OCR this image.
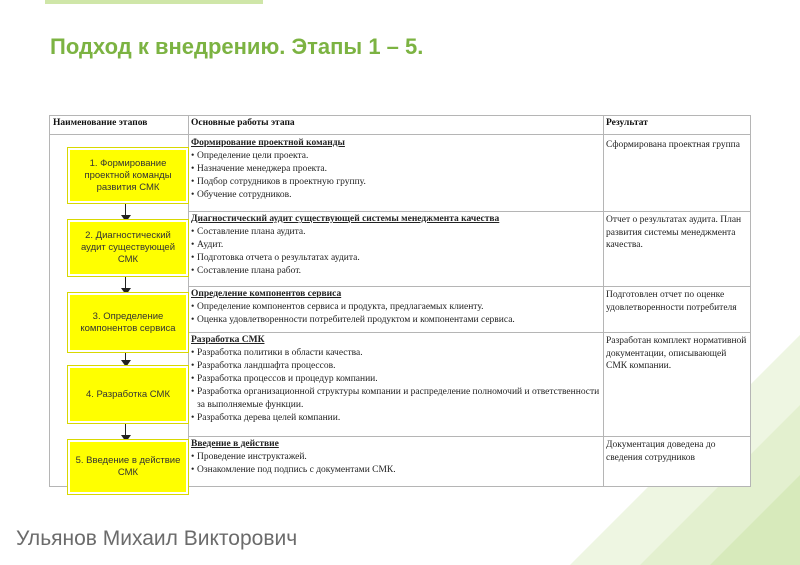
Подход к внедрению. Этапы 1 – 5.
Наименование этапов	Основные работы этапа	Результат
1. Формирование проектной команды развития СМК
2. Диагностический аудит существующей СМК
3. Определение компонентов сервиса
4. Разработка СМК
5. Введение в действие СМК
Формирование проектной команды
• Определение цели проекта.
• Назначение менеджера проекта.
• Подбор сотрудников в проектную группу.
• Обучение сотрудников.
Сформирована проектная группа
Диагностический аудит существующей системы менеджмента качества
• Составление плана аудита.
• Аудит.
• Подготовка отчета о результатах аудита.
• Составление плана работ.
Отчет о результатах аудита. План развития системы менеджмента качества.
Определение компонентов сервиса
• Определение компонентов сервиса и продукта, предлагаемых клиенту.
• Оценка удовлетворенности потребителей продуктом и компонентами сервиса.
Подготовлен отчет по оценке удовлетворенности потребителя
Разработка СМК
• Разработка политики в области качества.
• Разработка ландшафта процессов.
• Разработка процессов и процедур компании.
• Разработка организационной структуры компании и распределение полномочий и ответственности за выполняемые функции.
• Разработка дерева целей компании.
Разработан комплект нормативной документации, описывающей СМК компании.
Введение в действие
• Проведение инструктажей.
• Ознакомление под подпись с документами СМК.
Документация доведена до сведения сотрудников
Ульянов Михаил Викторович
